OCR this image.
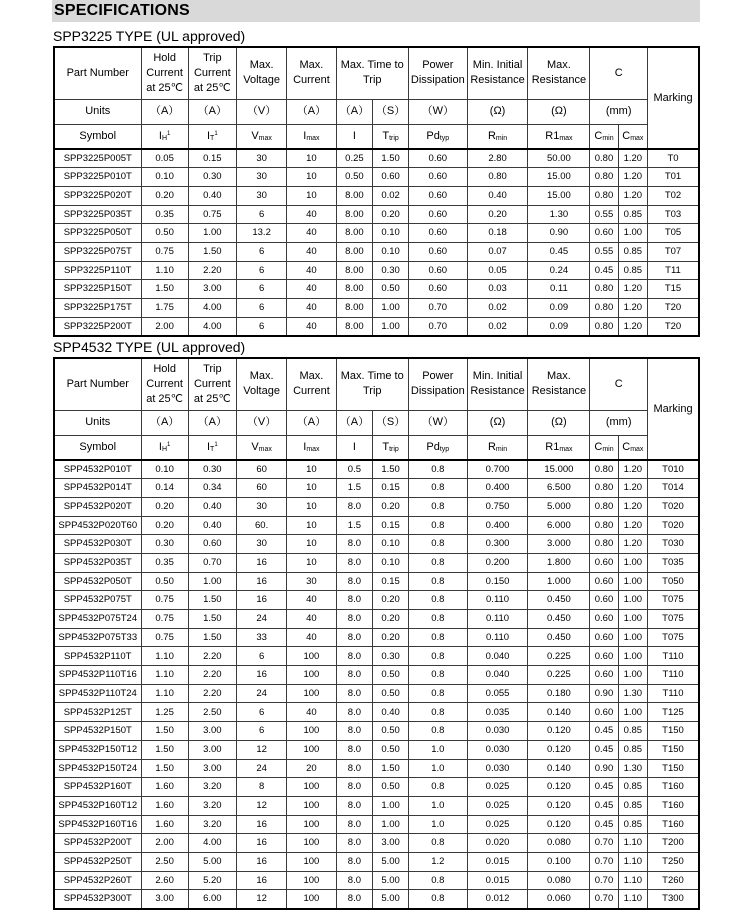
SPECIFICATIONS
SPP3225 TYPE (UL approved)
Part Number	Hold Current at 25℃	Trip Current at 25℃	Max. Voltage	Max. Current	Max. Time to Trip		Power Dissipation	Min. Initial Resistance	Max. Resistance	C		Marking
Units	（A）	（A）	（V）	（A）	（A）	（S）	（W）	(Ω)	(Ω)	(mm)		
Symbol	$I_H^1$	$I_T^1$	$V_{max}$	$I_{max}$	I	$T_{trip}$	$Pd_{typ}$	$R_{min}$	$R1_{max}$	$C_{min}$	$C_{max}$
SPP3225P005T	0.05	0.15	30	10	0.25	1.50	0.60	2.80	50.00	0.80	1.20	T0
SPP3225P010T	0.10	0.30	30	10	0.50	0.60	0.60	0.80	15.00	0.80	1.20	T01
SPP3225P020T	0.20	0.40	30	10	8.00	0.02	0.60	0.40	15.00	0.80	1.20	T02
SPP3225P035T	0.35	0.75	6	40	8.00	0.20	0.60	0.20	1.30	0.55	0.85	T03
SPP3225P050T	0.50	1.00	13.2	40	8.00	0.10	0.60	0.18	0.90	0.60	1.00	T05
SPP3225P075T	0.75	1.50	6	40	8.00	0.10	0.60	0.07	0.45	0.55	0.85	T07
SPP3225P110T	1.10	2.20	6	40	8.00	0.30	0.60	0.05	0.24	0.45	0.85	T11
SPP3225P150T	1.50	3.00	6	40	8.00	0.50	0.60	0.03	0.11	0.80	1.20	T15
SPP3225P175T	1.75	4.00	6	40	8.00	1.00	0.70	0.02	0.09	0.80	1.20	T20
SPP3225P200T	2.00	4.00	6	40	8.00	1.00	0.70	0.02	0.09	0.80	1.20	T20
SPP4532 TYPE (UL approved)
Part Number	Hold Current at 25℃	Trip Current at 25℃	Max. Voltage	Max. Current	Max. Time to Trip		Power Dissipation	Min. Initial Resistance	Max. Resistance	C		Marking
Units	（A）	（A）	（V）	（A）	（A）	（S）	（W）	(Ω)	(Ω)	(mm)		
Symbol	$I_H^1$	$I_T^1$	$V_{max}$	$I_{max}$	I	$T_{trip}$	$Pd_{typ}$	$R_{min}$	$R1_{max}$	$C_{min}$	$C_{max}$
SPP4532P010T	0.10	0.30	60	10	0.5	1.50	0.8	0.700	15.000	0.80	1.20	T010
SPP4532P014T	0.14	0.34	60	10	1.5	0.15	0.8	0.400	6.500	0.80	1.20	T014
SPP4532P020T	0.20	0.40	30	10	8.0	0.20	0.8	0.750	5.000	0.80	1.20	T020
SPP4532P020T60	0.20	0.40	60.	10	1.5	0.15	0.8	0.400	6.000	0.80	1.20	T020
SPP4532P030T	0.30	0.60	30	10	8.0	0.10	0.8	0.300	3.000	0.80	1.20	T030
SPP4532P035T	0.35	0.70	16	10	8.0	0.10	0.8	0.200	1.800	0.60	1.00	T035
SPP4532P050T	0.50	1.00	16	30	8.0	0.15	0.8	0.150	1.000	0.60	1.00	T050
SPP4532P075T	0.75	1.50	16	40	8.0	0.20	0.8	0.110	0.450	0.60	1.00	T075
SPP4532P075T24	0.75	1.50	24	40	8.0	0.20	0.8	0.110	0.450	0.60	1.00	T075
SPP4532P075T33	0.75	1.50	33	40	8.0	0.20	0.8	0.110	0.450	0.60	1.00	T075
SPP4532P110T	1.10	2.20	6	100	8.0	0.30	0.8	0.040	0.225	0.60	1.00	T110
SPP4532P110T16	1.10	2.20	16	100	8.0	0.50	0.8	0.040	0.225	0.60	1.00	T110
SPP4532P110T24	1.10	2.20	24	100	8.0	0.50	0.8	0.055	0.180	0.90	1.30	T110
SPP4532P125T	1.25	2.50	6	40	8.0	0.40	0.8	0.035	0.140	0.60	1.00	T125
SPP4532P150T	1.50	3.00	6	100	8.0	0.50	0.8	0.030	0.120	0.45	0.85	T150
SPP4532P150T12	1.50	3.00	12	100	8.0	0.50	1.0	0.030	0.120	0.45	0.85	T150
SPP4532P150T24	1.50	3.00	24	20	8.0	1.50	1.0	0.030	0.140	0.90	1.30	T150
SPP4532P160T	1.60	3.20	8	100	8.0	0.50	0.8	0.025	0.120	0.45	0.85	T160
SPP4532P160T12	1.60	3.20	12	100	8.0	1.00	1.0	0.025	0.120	0.45	0.85	T160
SPP4532P160T16	1.60	3.20	16	100	8.0	1.00	1.0	0.025	0.120	0.45	0.85	T160
SPP4532P200T	2.00	4.00	16	100	8.0	3.00	0.8	0.020	0.080	0.70	1.10	T200
SPP4532P250T	2.50	5.00	16	100	8.0	5.00	1.2	0.015	0.100	0.70	1.10	T250
SPP4532P260T	2.60	5.20	16	100	8.0	5.00	0.8	0.015	0.080	0.70	1.10	T260
SPP4532P300T	3.00	6.00	12	100	8.0	5.00	0.8	0.012	0.060	0.70	1.10	T300
